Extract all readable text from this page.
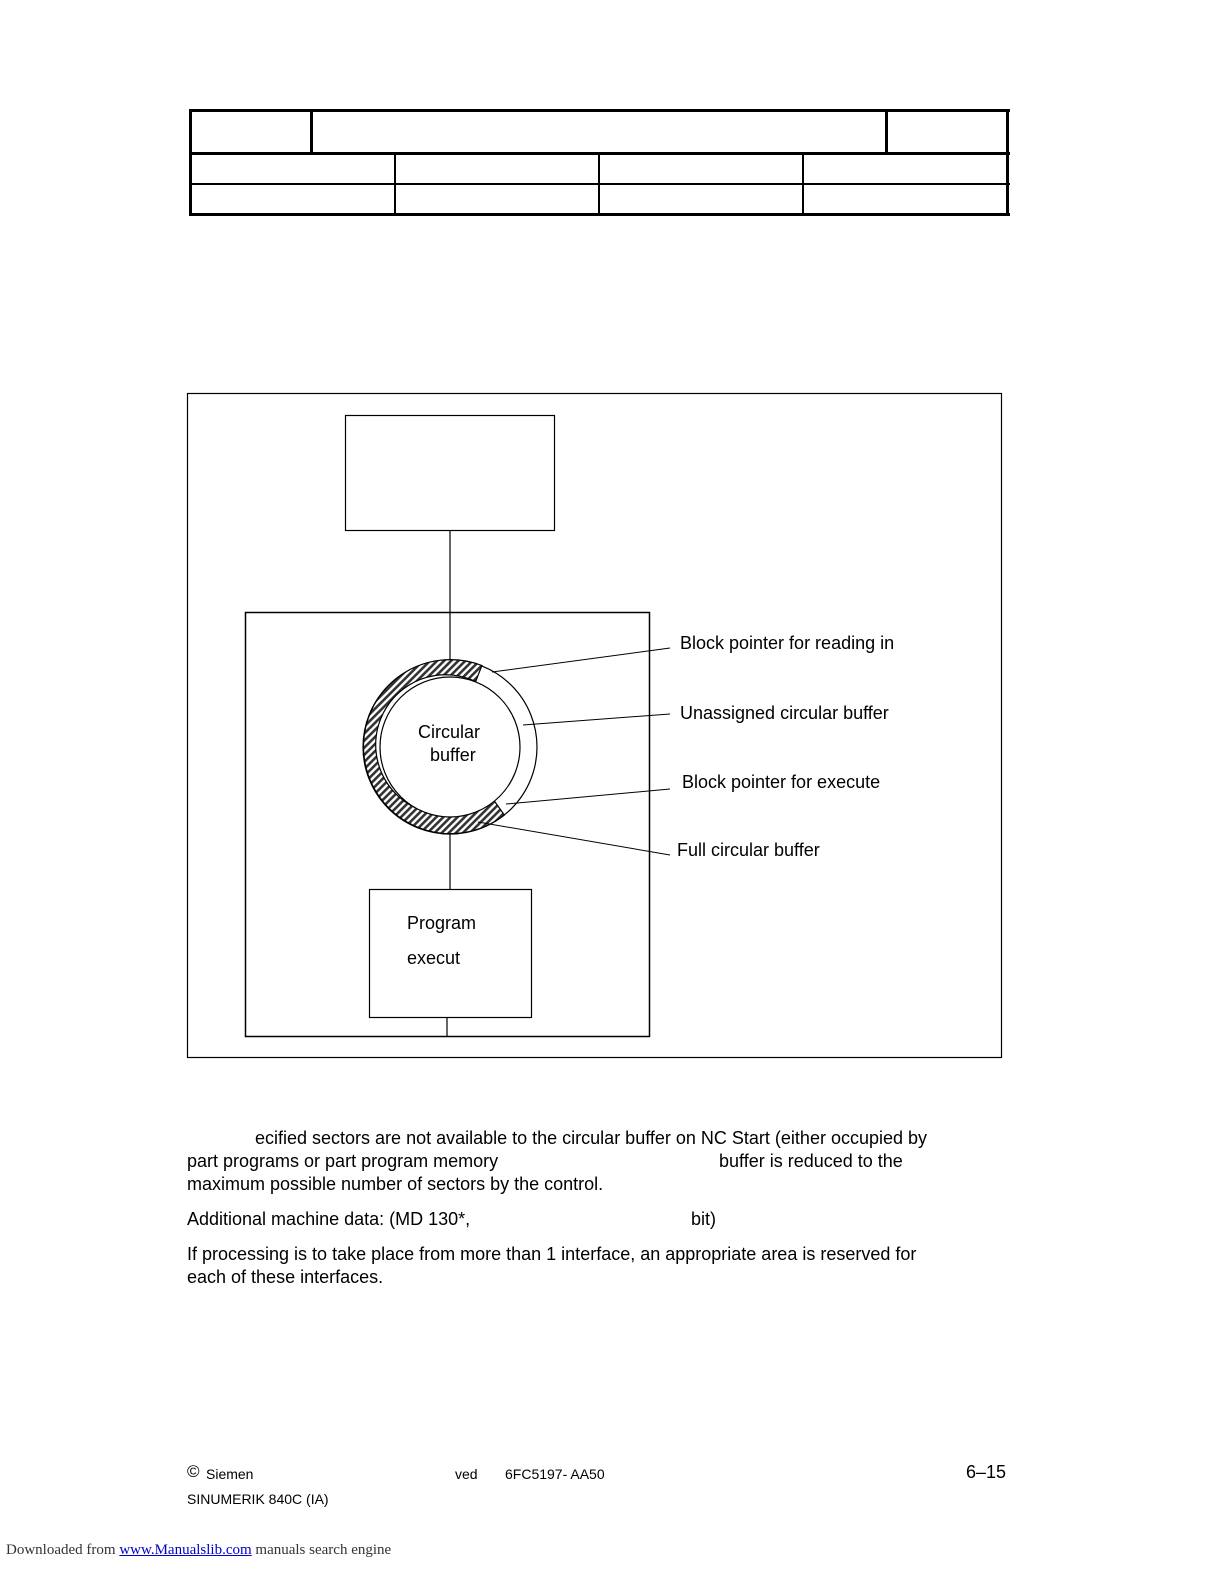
Circular
buffer
Program
execut
Block pointer for reading in
Unassigned circular buffer
Block pointer for execute
Full circular buffer
ecified sectors are not available to the circular buffer on NC Start (either occupied by
part programs or part program memory	buffer is reduced to the
maximum possible number of sectors by the control.
Additional machine data: (MD 130*,	bit)
If processing is to take place from more than 1 interface, an appropriate area is reserved for
each of these interfaces.
© Siemen	ved 6FC5197- AA50	6–15
SINUMERIK 840C (IA)
Downloaded from www.Manualslib.com manuals search engine
